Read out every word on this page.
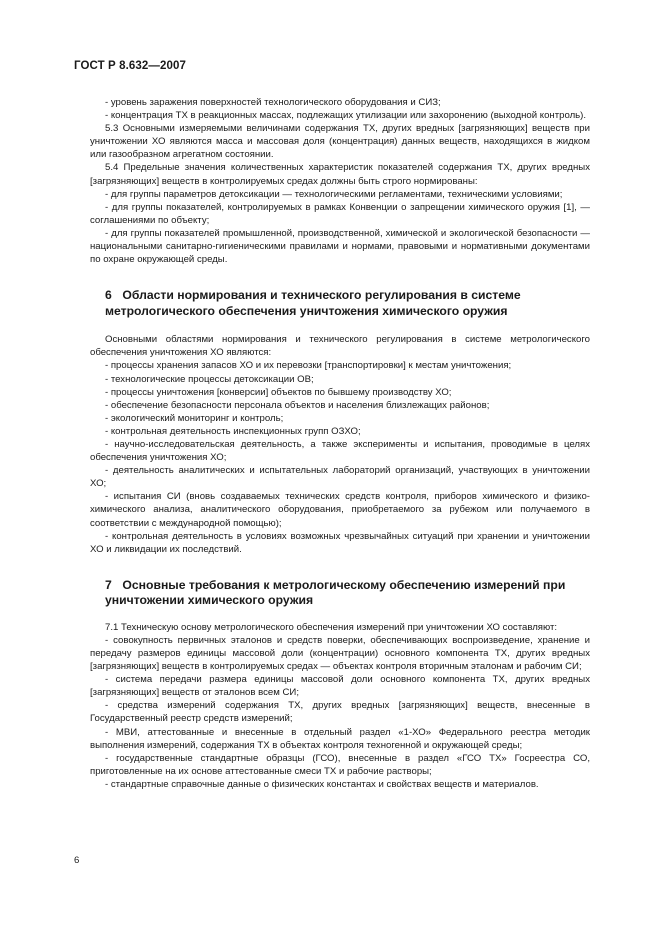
ГОСТ Р 8.632—2007

- уровень заражения поверхностей технологического оборудования и СИЗ;

- концентрация ТХ в реакционных массах, подлежащих утилизации или захоронению (выходной контроль).

5.3 Основными измеряемыми величинами содержания ТХ, других вредных [загрязняющих] веществ при уничтожении ХО являются масса и массовая доля (концентрация) данных веществ, находящихся в жидком или газообразном агрегатном состоянии.

5.4 Предельные значения количественных характеристик показателей содержания ТХ, других вредных [загрязняющих] веществ в контролируемых средах должны быть строго нормированы:

- для группы параметров детоксикации — технологическими регламентами, техническими условиями;

- для группы показателей, контролируемых в рамках Конвенции о запрещении химического оружия [1], — соглашениями по объекту;

- для группы показателей промышленной, производственной, химической и экологической безопасности — национальными санитарно-гигиеническими правилами и нормами, правовыми и нормативными документами по охране окружающей среды.

6 Области нормирования и технического регулирования в системе метрологического обеспечения уничтожения химического оружия

Основными областями нормирования и технического регулирования в системе метрологического обеспечения уничтожения ХО являются:

- процессы хранения запасов ХО и их перевозки [транспортировки] к местам уничтожения;

- технологические процессы детоксикации ОВ;

- процессы уничтожения [конверсии] объектов по бывшему производству ХО;

- обеспечение безопасности персонала объектов и населения близлежащих районов;

- экологический мониторинг и контроль;

- контрольная деятельность инспекционных групп ОЗХО;

- научно-исследовательская деятельность, а также эксперименты и испытания, проводимые в целях обеспечения уничтожения ХО;

- деятельность аналитических и испытательных лабораторий организаций, участвующих в уничтожении ХО;

- испытания СИ (вновь создаваемых технических средств контроля, приборов химического и физико-химического анализа, аналитического оборудования, приобретаемого за рубежом или получаемого в соответствии с международной помощью);

- контрольная деятельность в условиях возможных чрезвычайных ситуаций при хранении и уничтожении ХО и ликвидации их последствий.

7 Основные требования к метрологическому обеспечению измерений при уничтожении химического оружия

7.1 Техническую основу метрологического обеспечения измерений при уничтожении ХО составляют:

- совокупность первичных эталонов и средств поверки, обеспечивающих воспроизведение, хранение и передачу размеров единицы массовой доли (концентрации) основного компонента ТХ, других вредных [загрязняющих] веществ в контролируемых средах — объектах контроля вторичным эталонам и рабочим СИ;

- система передачи размера единицы массовой доли основного компонента ТХ, других вредных [загрязняющих] веществ от эталонов всем СИ;

- средства измерений содержания ТХ, других вредных [загрязняющих] веществ, внесенные в Государственный реестр средств измерений;

- МВИ, аттестованные и внесенные в отдельный раздел «1-ХО» Федерального реестра методик выполнения измерений, содержания ТХ в объектах контроля техногенной и окружающей среды;

- государственные стандартные образцы (ГСО), внесенные в раздел «ГСО ТХ» Госреестра СО, приготовленные на их основе аттестованные смеси ТХ и рабочие растворы;

- стандартные справочные данные о физических константах и свойствах веществ и материалов.

6
